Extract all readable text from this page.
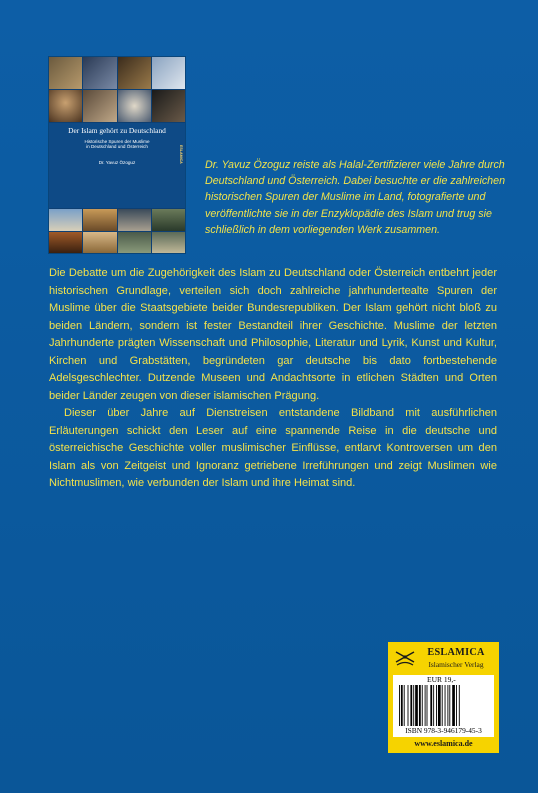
Der Islam gehört zu Deutschland
Historische Spuren der Muslime
in Deutschland und Österreich
Dr. Yavuz Özoguz	ESLAMICA

Dr. Yavuz Özoguz reiste als Halal-Zertifizierer viele Jahre durch Deutschland und Österreich. Dabei besuchte er die zahlreichen historischen Spuren der Muslime im Land, fotografierte und veröffentlichte sie in der Enzyklopädie des Islam und trug sie schließlich in dem vorliegenden Werk zusammen.

Die Debatte um die Zugehörigkeit des Islam zu Deutschland oder Österreich entbehrt jeder historischen Grundlage, verteilen sich doch zahlreiche jahrhundertealte Spuren der Muslime über die Staatsgebiete beider Bundesrepubliken. Der Islam gehört nicht bloß zu beiden Ländern, sondern ist fester Bestandteil ihrer Geschichte. Muslime der letzten Jahrhunderte prägten Wissenschaft und Philosophie, Literatur und Lyrik, Kunst und Kultur, Kirchen und Grabstätten, begründeten gar deutsche bis dato fortbestehende Adelsgeschlechter. Dutzende Museen und Andachtsorte in etlichen Städten und Orten beider Länder zeugen von dieser islamischen Prägung.

Dieser über Jahre auf Dienstreisen entstandene Bildband mit ausführlichen Erläuterungen schickt den Leser auf eine spannende Reise in die deutsche und österreichische Geschichte voller muslimischer Einflüsse, entlarvt Kontroversen um den Islam als von Zeitgeist und Ignoranz getriebene Irreführungen und zeigt Muslimen wie Nichtmuslimen, wie verbunden der Islam und ihre Heimat sind.

ESLAMICA
Islamischer Verlag
EUR 19,-
ISBN 978-3-946179-45-3
www.eslamica.de
